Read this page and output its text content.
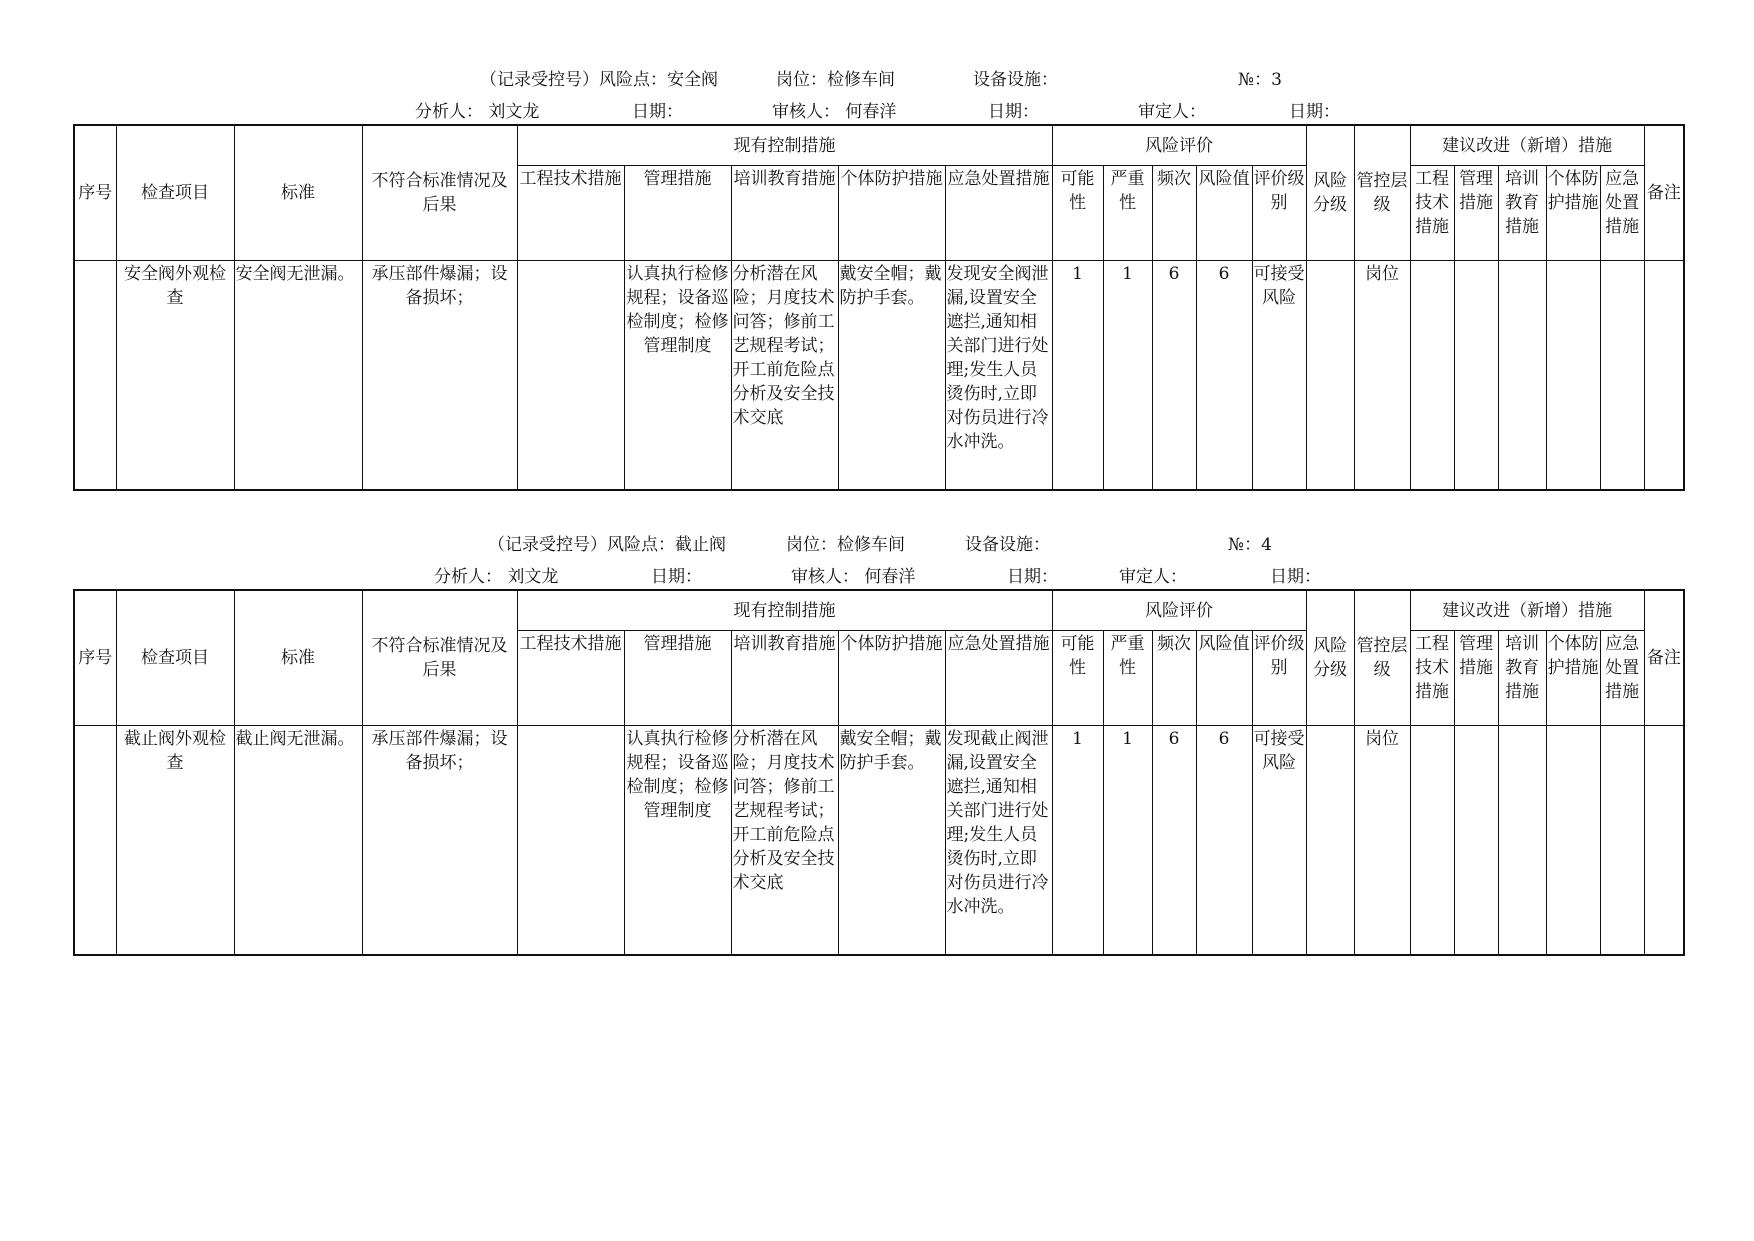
（记录受控号）风险点：安全阀	岗位：检修车间	设备设施：	№：3
分析人： 刘文龙	日期：	审核人： 何春洋	日期：	审定人：	日期：
序号	检查项目	标准	不符合标准情况及后果	现有控制措施					风险评价					风险分级	管控层级	建议改进（新增）措施					备注
				工程技术措施	管理措施	培训教育措施	个体防护措施	应急处置措施	可能性	严重性	频次	风险值	评价级别			工程技术措施	管理措施	培训教育措施	个体防护措施	应急处置措施	
	安全阀外观检查	安全阀无泄漏。	承压部件爆漏；设备损坏；		认真执行检修规程；设备巡检制度；检修管理制度	分析潜在风险；月度技术问答；修前工艺规程考试；开工前危险点分析及安全技术交底	戴安全帽；戴防护手套。	发现安全阀泄漏,设置安全遮拦,通知相关部门进行处理;发生人员烫伤时,立即对伤员进行冷水冲洗。	1	1	6	6	可接受风险		岗位						
（记录受控号）风险点：截止阀	岗位：检修车间	设备设施：	№：4
分析人： 刘文龙	日期：	审核人： 何春洋	日期：	审定人：	日期：
序号	检查项目	标准	不符合标准情况及后果	现有控制措施					风险评价					风险分级	管控层级	建议改进（新增）措施					备注
				工程技术措施	管理措施	培训教育措施	个体防护措施	应急处置措施	可能性	严重性	频次	风险值	评价级别			工程技术措施	管理措施	培训教育措施	个体防护措施	应急处置措施	
	截止阀外观检查	截止阀无泄漏。	承压部件爆漏；设备损坏；		认真执行检修规程；设备巡检制度；检修管理制度	分析潜在风险；月度技术问答；修前工艺规程考试；开工前危险点分析及安全技术交底	戴安全帽；戴防护手套。	发现截止阀泄漏,设置安全遮拦,通知相关部门进行处理;发生人员烫伤时,立即对伤员进行冷水冲洗。	1	1	6	6	可接受风险		岗位						
